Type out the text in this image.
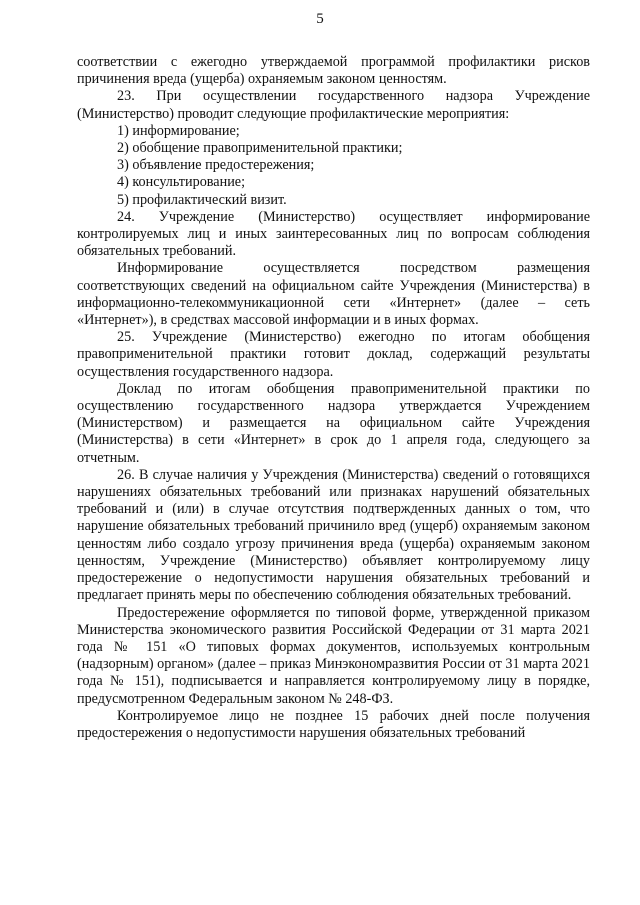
5

соответствии с ежегодно утверждаемой программой профилактики рисков причинения вреда (ущерба) охраняемым законом ценностям.

23. При осуществлении государственного надзора Учреждение (Министерство) проводит следующие профилактические мероприятия:

1) информирование;

2) обобщение правоприменительной практики;

3) объявление предостережения;

4) консультирование;

5) профилактический визит.

24. Учреждение (Министерство) осуществляет информирование контролируемых лиц и иных заинтересованных лиц по вопросам соблюдения обязательных требований.

Информирование осуществляется посредством размещения соответствующих сведений на официальном сайте Учреждения (Министерства) в информационно-телекоммуникационной сети «Интернет» (далее – сеть «Интернет»), в средствах массовой информации и в иных формах.

25. Учреждение (Министерство) ежегодно по итогам обобщения правоприменительной практики готовит доклад, содержащий результаты осуществления государственного надзора.

Доклад по итогам обобщения правоприменительной практики по осуществлению государственного надзора утверждается Учреждением (Министерством) и размещается на официальном сайте Учреждения (Министерства) в сети «Интернет» в срок до 1 апреля года, следующего за отчетным.

26. В случае наличия у Учреждения (Министерства) сведений о готовящихся нарушениях обязательных требований или признаках нарушений обязательных требований и (или) в случае отсутствия подтвержденных данных о том, что нарушение обязательных требований причинило вред (ущерб) охраняемым законом ценностям либо создало угрозу причинения вреда (ущерба) охраняемым законом ценностям, Учреждение (Министерство) объявляет контролируемому лицу предостережение о недопустимости нарушения обязательных требований и предлагает принять меры по обеспечению соблюдения обязательных требований.

Предостережение оформляется по типовой форме, утвержденной приказом Министерства экономического развития Российской Федерации от 31 марта 2021 года № 151 «О типовых формах документов, используемых контрольным (надзорным) органом» (далее – приказ Минэкономразвития России от 31 марта 2021 года № 151), подписывается и направляется контролируемому лицу в порядке, предусмотренном Федеральным законом № 248-ФЗ.

Контролируемое лицо не позднее 15 рабочих дней после получения предостережения о недопустимости нарушения обязательных требований
